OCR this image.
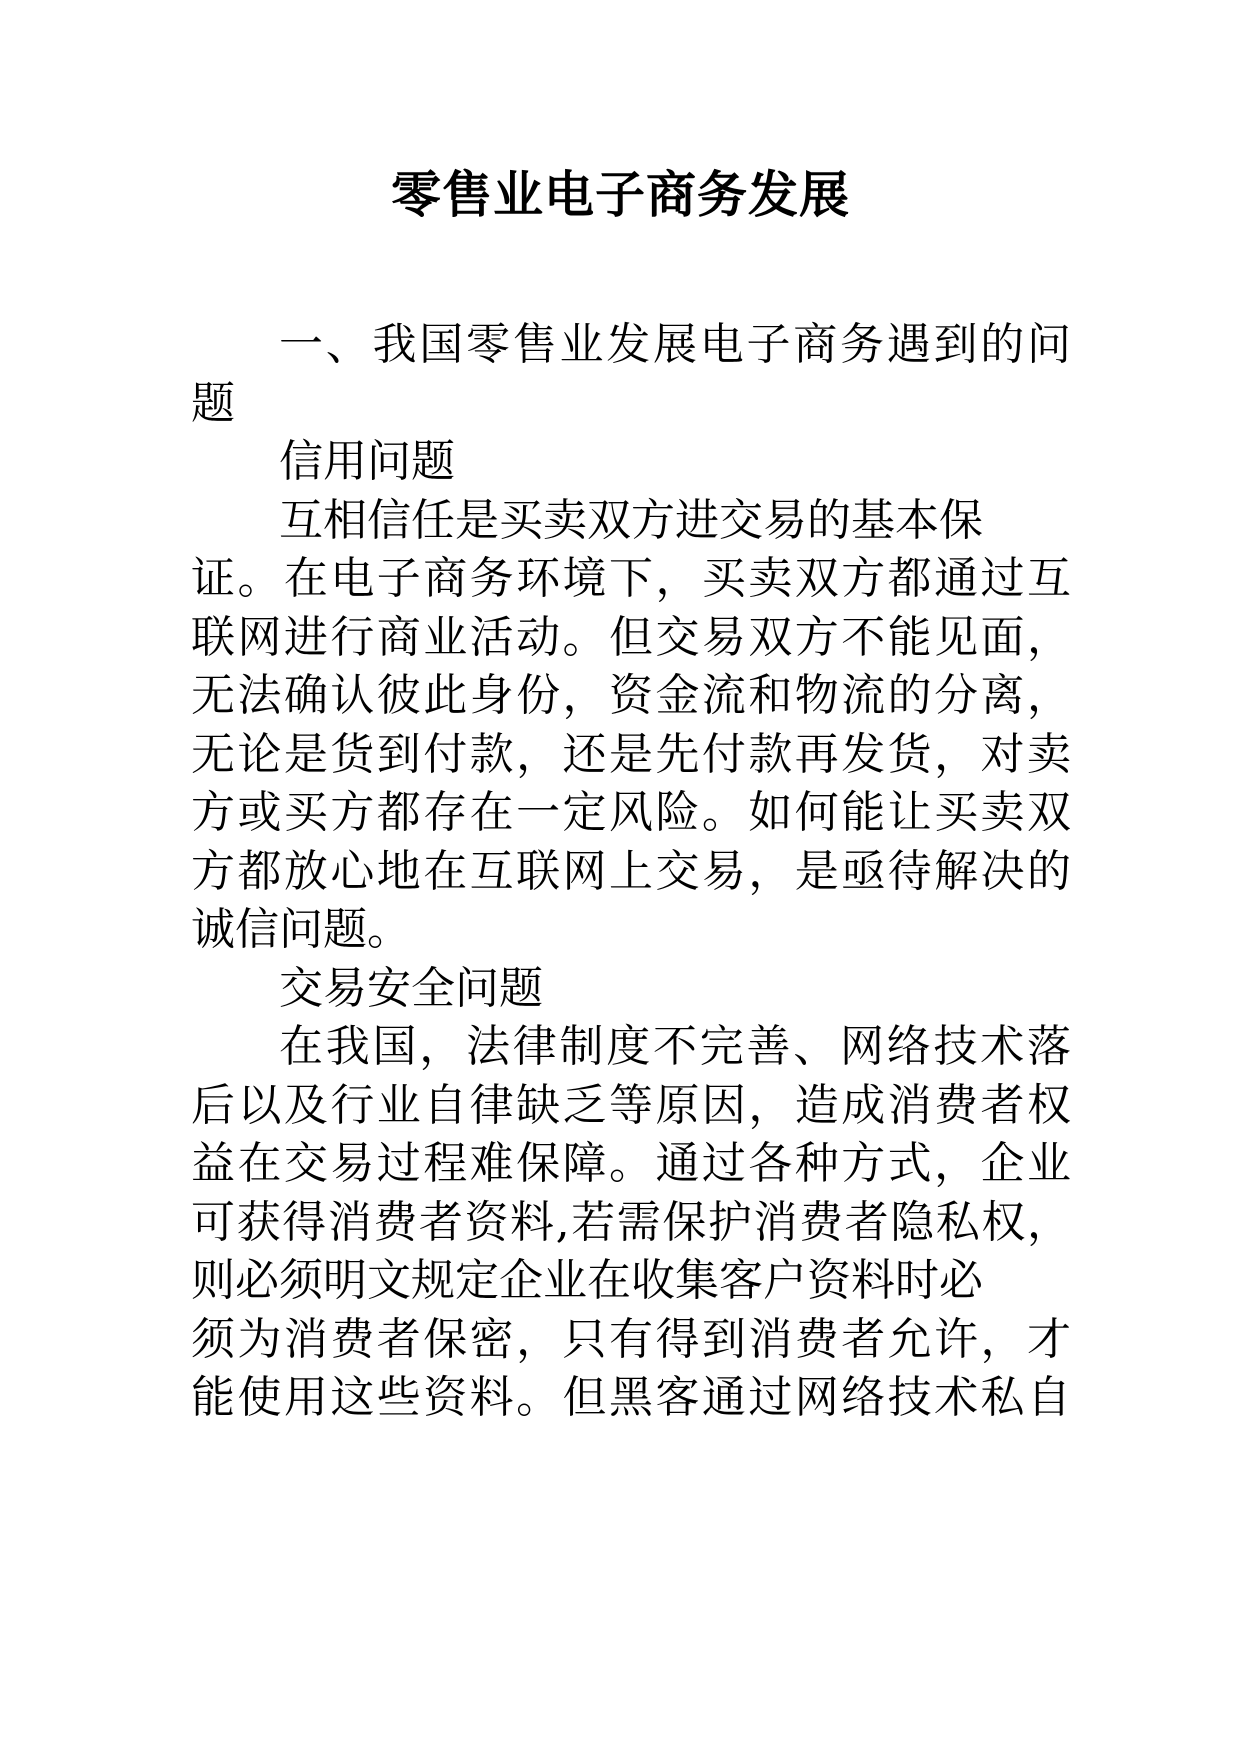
零售业电子商务发展
一、我国零售业发展电子商务遇到的问
题
信用问题
互相信任是买卖双方进交易的基本保
证。在电子商务环境下，买卖双方都通过互
联网进行商业活动。但交易双方不能见面，
无法确认彼此身份，资金流和物流的分离，
无论是货到付款，还是先付款再发货，对卖
方或买方都存在一定风险。如何能让买卖双
方都放心地在互联网上交易，是亟待解决的
诚信问题。
交易安全问题
在我国，法律制度不完善、网络技术落
后以及行业自律缺乏等原因，造成消费者权
益在交易过程难保障。通过各种方式，企业
可获得消费者资料,若需保护消费者隐私权，
则必须明文规定企业在收集客户资料时必
须为消费者保密，只有得到消费者允许，才
能使用这些资料。但黑客通过网络技术私自
